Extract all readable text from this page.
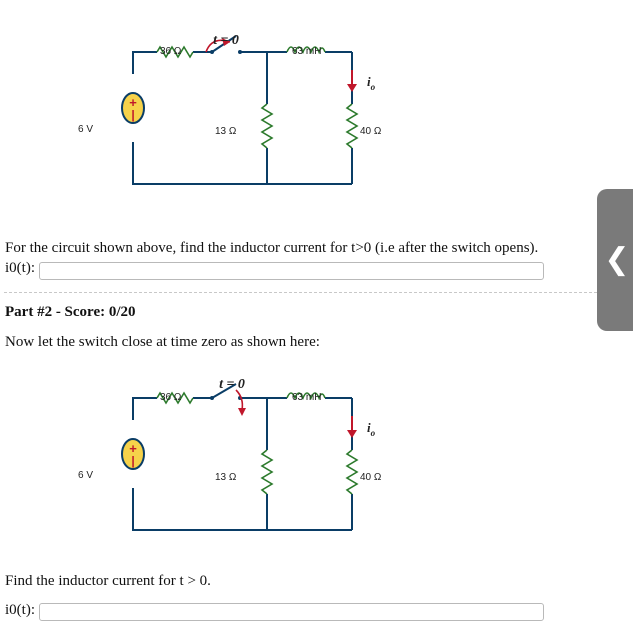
+
|
t = 0
36 Ω	63 mH
6 V	13 Ω	40 Ω
$i_o$
For the circuit shown above, find the inductor current for t>0 (i.e after the switch opens).
i0(t):
Part #2 - Score: 0/20
Now let the switch close at time zero as shown here:
+
|
t = 0
36 Ω	63 mH
6 V	13 Ω	40 Ω
$i_o$
Find the inductor current for t > 0.
i0(t):
❮
